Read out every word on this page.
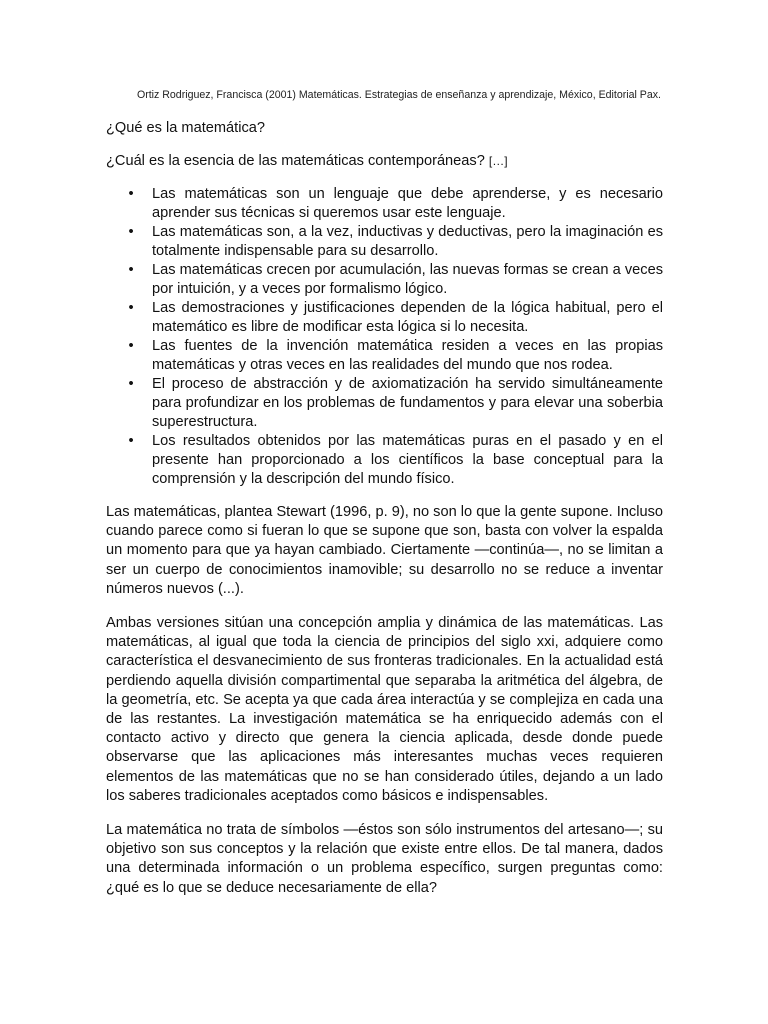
Ortiz Rodriguez, Francisca (2001) Matemáticas. Estrategias de enseñanza y aprendizaje, México, Editorial Pax.
¿Qué es la matemática?
¿Cuál es la esencia de las matemáticas contemporáneas? […]
• Las matemáticas son un lenguaje que debe aprenderse, y es necesario aprender sus técnicas si queremos usar este lenguaje.
• Las matemáticas son, a la vez, inductivas y deductivas, pero la imaginación es totalmente indispensable para su desarrollo.
• Las matemáticas crecen por acumulación, las nuevas formas se crean a veces por intuición, y a veces por formalismo lógico.
• Las demostraciones y justificaciones dependen de la lógica habitual, pero el matemático es libre de modificar esta lógica si lo necesita.
• Las fuentes de la invención matemática residen a veces en las propias matemáticas y otras veces en las realidades del mundo que nos rodea.
• El proceso de abstracción y de axiomatización ha servido simultáneamente para profundizar en los problemas de fundamentos y para elevar una soberbia superestructura.
• Los resultados obtenidos por las matemáticas puras en el pasado y en el presente han proporcionado a los científicos la base conceptual para la comprensión y la descripción del mundo físico.

Las matemáticas, plantea Stewart (1996, p. 9), no son lo que la gente supone. Incluso cuando parece como si fueran lo que se supone que son, basta con volver la espalda un momento para que ya hayan cambiado. Ciertamente —continúa—, no se limitan a ser un cuerpo de conocimientos inamovible; su desarrollo no se reduce a inventar números nuevos (...).

Ambas versiones sitúan una concepción amplia y dinámica de las matemáticas. Las matemáticas, al igual que toda la ciencia de principios del siglo xxi, adquiere como característica el desvanecimiento de sus fronteras tradicionales. En la actualidad está perdiendo aquella división compartimental que separaba la aritmética del álgebra, de la geometría, etc. Se acepta ya que cada área interactúa y se complejiza en cada una de las restantes. La investigación matemática se ha enriquecido además con el contacto activo y directo que genera la ciencia aplicada, desde donde puede observarse que las aplicaciones más interesantes muchas veces requieren elementos de las matemáticas que no se han considerado útiles, dejando a un lado los saberes tradicionales aceptados como básicos e indispensables.

La matemática no trata de símbolos —éstos son sólo instrumentos del artesano—; su objetivo son sus conceptos y la relación que existe entre ellos. De tal manera, dados una determinada información o un problema específico, surgen preguntas como: ¿qué es lo que se deduce necesariamente de ella?
